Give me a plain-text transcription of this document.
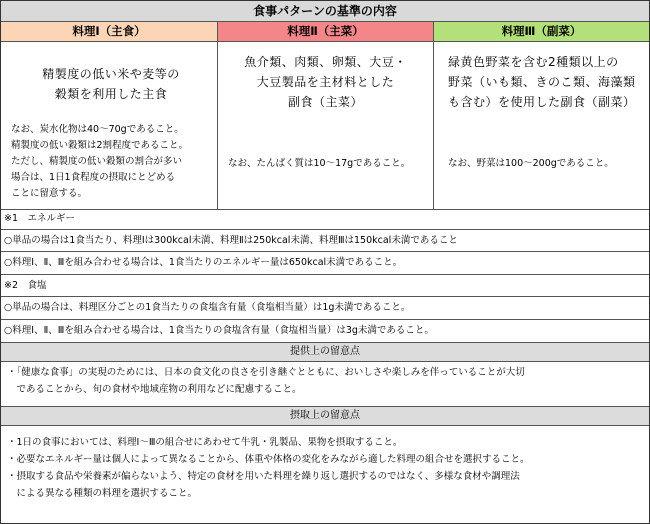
食事パターンの基準の内容
料理Ⅰ（主食）	料理Ⅱ（主菜）	料理Ⅲ（副菜）
精製度の低い米や麦等の
穀類を利用した主食
なお、炭水化物は40～70gであること。
精製度の低い穀類は2割程度であること。
ただし、精製度の低い穀類の割合が多い
場合は、1日1食程度の摂取にとどめる
ことに留意する。
魚介類、肉類、卵類、大豆・
大豆製品を主材料とした
副食（主菜）
なお、たんぱく質は10～17gであること。
緑黄色野菜を含む2種類以上の
野菜（いも類、きのこ類、海藻類
も含む）を使用した副食（副菜）
なお、野菜は100～200gであること。
※1　エネルギー
○単品の場合は1食当たり、料理Ⅰは300kcal未満、料理Ⅱは250kcal未満、料理Ⅲは150kcal未満であること
○料理Ⅰ、Ⅱ、Ⅲを組み合わせる場合は、1食当たりのエネルギー量は650kcal未満であること。
※2　食塩
○単品の場合は、料理区分ごとの1食当たりの食塩含有量（食塩相当量）は1g未満であること。
○料理Ⅰ、Ⅱ、Ⅲを組み合わせる場合は、1食当たりの食塩含有量（食塩相当量）は3g未満であること。
提供上の留意点
・「健康な食事」の実現のためには、日本の食文化の良さを引き継ぐとともに、おいしさや楽しみを伴っていることが大切
　であることから、旬の食材や地域産物の利用などに配慮すること。
摂取上の留意点
・1日の食事においては、料理Ⅰ～Ⅲの組合せにあわせて牛乳・乳製品、果物を摂取すること。
・必要なエネルギー量は個人によって異なることから、体重や体格の変化をみながら適した料理の組合せを選択すること。
・摂取する食品や栄養素が偏らないよう、特定の食材を用いた料理を繰り返し選択するのではなく、多様な食材や調理法
　による異なる種類の料理を選択すること。
